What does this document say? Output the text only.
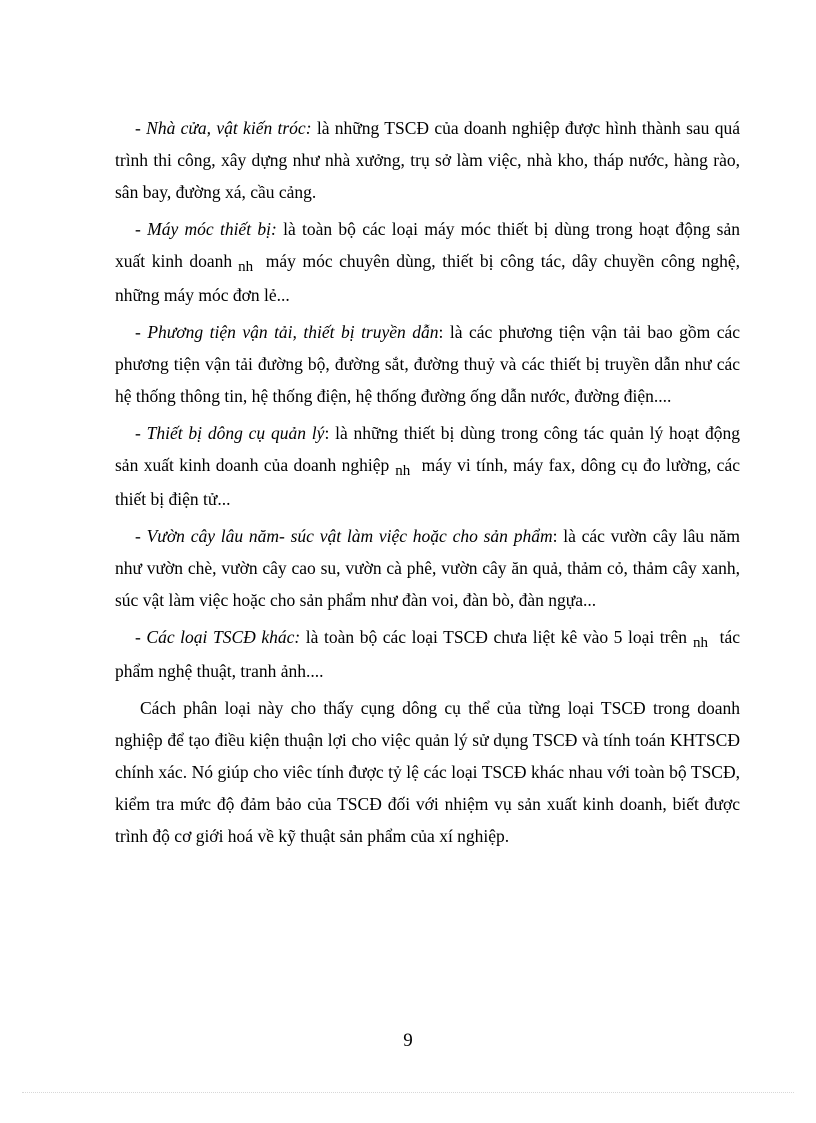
- Nhà cửa, vật kiến tróc: là những TSCĐ của doanh nghiệp được hình thành sau quá trình thi công, xây dựng như nhà xưởng, trụ sở làm việc, nhà kho, tháp nước, hàng rào, sân bay, đường xá, cầu cảng.

- Máy móc thiết bị: là toàn bộ các loại máy móc thiết bị dùng trong hoạt động sản xuất kinh doanh nh máy móc chuyên dùng, thiết bị công tác, dây chuyền công nghệ, những máy móc đơn lẻ...

- Phương tiện vận tải, thiết bị truyền dẫn: là các phương tiện vận tải bao gồm các phương tiện vận tải đường bộ, đường sắt, đường thuỷ và các thiết bị truyền dẫn như các hệ thống thông tin, hệ thống điện, hệ thống đường ống dẫn nước, đường điện....

- Thiết bị dông cụ quản lý: là những thiết bị dùng trong công tác quản lý hoạt động sản xuất kinh doanh của doanh nghiệp nh máy vi tính, máy fax, dông cụ đo lường, các thiết bị điện tử...

- Vườn cây lâu năm- súc vật làm việc hoặc cho sản phẩm: là các vườn cây lâu năm như vườn chè, vườn cây cao su, vườn cà phê, vườn cây ăn quả, thảm cỏ, thảm cây xanh, súc vật làm việc hoặc cho sản phẩm như đàn voi, đàn bò, đàn ngựa...

- Các loại TSCĐ khác: là toàn bộ các loại TSCĐ chưa liệt kê vào 5 loại trên nh tác phẩm nghệ thuật, tranh ảnh....

Cách phân loại này cho thấy cụng dông cụ thể của từng loại TSCĐ trong doanh nghiệp để tạo điều kiện thuận lợi cho việc quản lý sử dụng TSCĐ và tính toán KHTSCĐ chính xác. Nó giúp cho viêc tính được tỷ lệ các loại TSCĐ khác nhau với toàn bộ TSCĐ, kiểm tra mức độ đảm bảo của TSCĐ đối với nhiệm vụ sản xuất kinh doanh, biết được trình độ cơ giới hoá về kỹ thuật sản phẩm của xí nghiệp.

9
